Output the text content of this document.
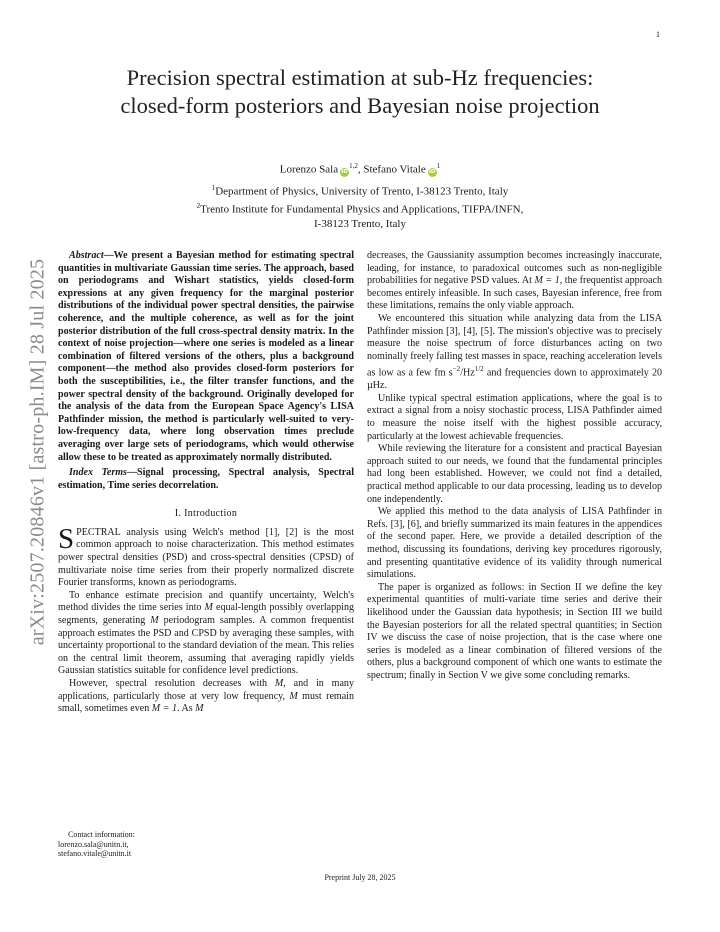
1
arXiv:2507.20846v1 [astro-ph.IM] 28 Jul 2025
Precision spectral estimation at sub-Hz frequencies:
closed-form posteriors and Bayesian noise projection
Lorenzo Sala iD$^{1,2}$, Stefano Vitale $iD^1$
$^1$Department of Physics, University of Trento, I-38123 Trento, Italy
$^2$Trento Institute for Fundamental Physics and Applications, TIFPA/INFN,
I-38123 Trento, Italy

Abstract—We present a Bayesian method for estimating spectral quantities in multivariate Gaussian time series. The approach, based on periodograms and Wishart statistics, yields closed-form expressions at any given frequency for the marginal posterior distributions of the individual power spectral densities, the pairwise coherence, and the multiple coherence, as well as for the joint posterior distribution of the full cross-spectral density matrix. In the context of noise projection—where one series is modeled as a linear combination of filtered versions of the others, plus a background component—the method also provides closed-form posteriors for both the susceptibilities, i.e., the filter transfer functions, and the power spectral density of the background. Originally developed for the analysis of the data from the European Space Agency's LISA Pathfinder mission, the method is particularly well-suited to very-low-frequency data, where long observation times preclude averaging over large sets of periodograms, which would otherwise allow these to be treated as approximately normally distributed.

Index Terms—Signal processing, Spectral analysis, Spectral estimation, Time series decorrelation.

I. Introduction

SPECTRAL analysis using Welch's method [1], [2] is the most common approach to noise characterization. This method estimates power spectral densities (PSD) and cross-spectral densities (CPSD) of multivariate noise time series from their properly normalized discrete Fourier transforms, known as periodograms.

To enhance estimate precision and quantify uncertainty, Welch's method divides the time series into M equal-length possibly overlapping segments, generating M periodogram samples. A common frequentist approach estimates the PSD and CPSD by averaging these samples, with uncertainty proportional to the standard deviation of the mean. This relies on the central limit theorem, assuming that averaging rapidly yields Gaussian statistics suitable for confidence level predictions.

However, spectral resolution decreases with M, and in many applications, particularly those at very low frequency, M must remain small, sometimes even M = 1. As M

decreases, the Gaussianity assumption becomes increasingly inaccurate, leading, for instance, to paradoxical outcomes such as non-negligible probabilities for negative PSD values. At M = 1, the frequentist approach becomes entirely infeasible. In such cases, Bayesian inference, free from these limitations, remains the only viable approach.

We encountered this situation while analyzing data from the LISA Pathfinder mission [3], [4], [5]. The mission's objective was to precisely measure the noise spectrum of force disturbances acting on two nominally freely falling test masses in space, reaching acceleration levels as low as a few fm $s^{-2}/Hz^{1/2}$ and frequencies down to approximately 20 µHz.

Unlike typical spectral estimation applications, where the goal is to extract a signal from a noisy stochastic process, LISA Pathfinder aimed to measure the noise itself with the highest possible accuracy, particularly at the lowest achievable frequencies.

While reviewing the literature for a consistent and practical Bayesian approach suited to our needs, we found that the fundamental principles had long been established. However, we could not find a detailed, practical method applicable to our data processing, leading us to develop one independently.

We applied this method to the data analysis of LISA Pathfinder in Refs. [3], [6], and briefly summarized its main features in the appendices of the second paper. Here, we provide a detailed description of the method, discussing its foundations, deriving key procedures rigorously, and presenting quantitative evidence of its validity through numerical simulations.

The paper is organized as follows: in Section II we define the key experimental quantities of multi-variate time series and derive their likelihood under the Gaussian data hypothesis; in Section III we build the Bayesian posteriors for all the related spectral quantities; in Section IV we discuss the case of noise projection, that is the case where one series is modeled as a linear combination of filtered versions of the others, plus a background component of which one wants to estimate the spectrum; finally in Section V we give some concluding remarks.

Contact information:
lorenzo.sala@unitn.it,
stefano.vitale@unitn.it
Preprint July 28, 2025
